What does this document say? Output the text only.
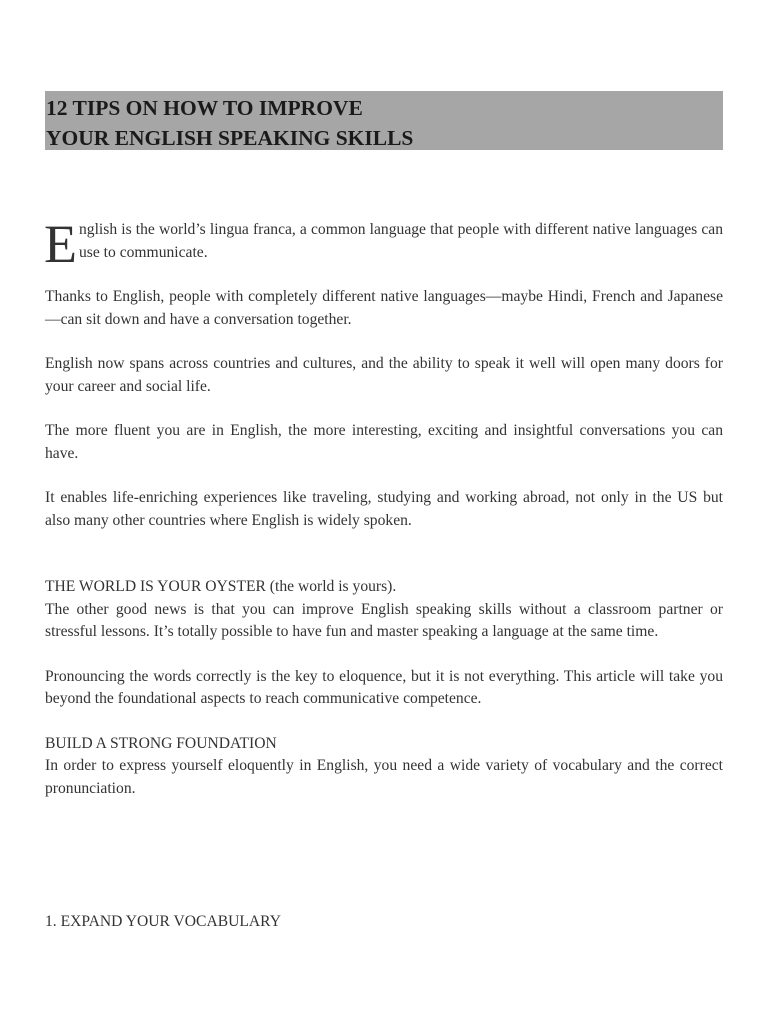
12 TIPS ON HOW TO IMPROVE
YOUR ENGLISH SPEAKING SKILLS

English is the world’s lingua franca, a common language that people with different native languages can use to communicate.

Thanks to English, people with completely different native languages—maybe Hindi, French and Japanese—can sit down and have a conversation together.

English now spans across countries and cultures, and the ability to speak it well will open many doors for your career and social life.

The more fluent you are in English, the more interesting, exciting and insightful conversations you can have.

It enables life-enriching experiences like traveling, studying and working abroad, not only in the US but also many other countries where English is widely spoken.

THE WORLD IS YOUR OYSTER (the world is yours).

The other good news is that you can improve English speaking skills without a classroom partner or stressful lessons. It’s totally possible to have fun and master speaking a language at the same time.

Pronouncing the words correctly is the key to eloquence, but it is not everything. This article will take you beyond the foundational aspects to reach communicative competence.

BUILD A STRONG FOUNDATION

In order to express yourself eloquently in English, you need a wide variety of vocabulary and the correct pronunciation.

1. EXPAND YOUR VOCABULARY
